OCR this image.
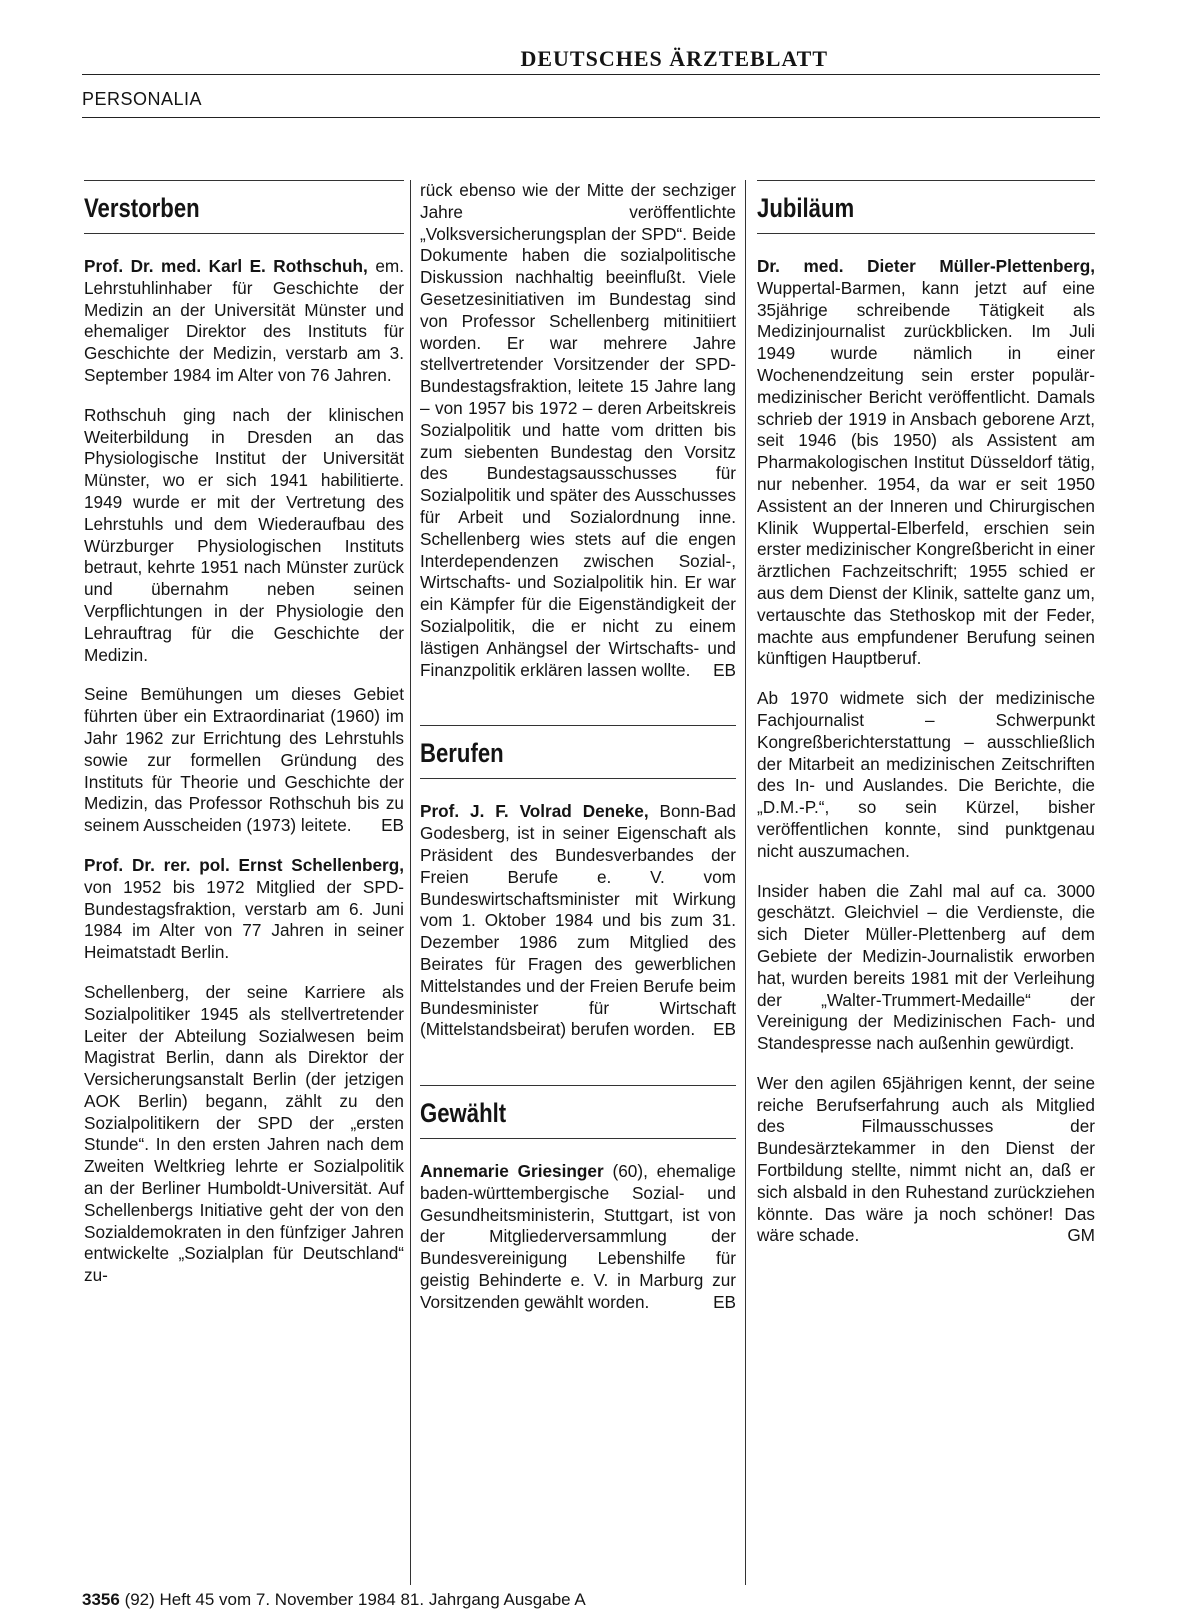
DEUTSCHES ÄRZTEBLATT
PERSONALIA
Verstorben

Prof. Dr. med. Karl E. Rothschuh, em. Lehrstuhlinhaber für Geschichte der Medizin an der Universität Münster und ehemaliger Direktor des Instituts für Geschichte der Medizin, verstarb am 3. September 1984 im Alter von 76 Jahren.

Rothschuh ging nach der klinischen Weiterbildung in Dresden an das Physiologische Institut der Universität Münster, wo er sich 1941 habilitierte. 1949 wurde er mit der Vertretung des Lehrstuhls und dem Wiederaufbau des Würzburger Physiologischen Instituts betraut, kehrte 1951 nach Münster zurück und übernahm neben seinen Verpflichtungen in der Physiologie den Lehrauftrag für die Geschichte der Medizin.

Seine Bemühungen um dieses Gebiet führten über ein Extraordinariat (1960) im Jahr 1962 zur Errichtung des Lehrstuhls sowie zur formellen Gründung des Instituts für Theorie und Geschichte der Medizin, das Professor Rothschuh bis zu seinem Ausscheiden (1973) leitete. EB

Prof. Dr. rer. pol. Ernst Schellenberg, von 1952 bis 1972 Mitglied der SPD-Bundestagsfraktion, verstarb am 6. Juni 1984 im Alter von 77 Jahren in seiner Heimatstadt Berlin.

Schellenberg, der seine Karriere als Sozialpolitiker 1945 als stellvertretender Leiter der Abteilung Sozialwesen beim Magistrat Berlin, dann als Direktor der Versicherungsanstalt Berlin (der jetzigen AOK Berlin) begann, zählt zu den Sozialpolitikern der SPD der „ersten Stunde“. In den ersten Jahren nach dem Zweiten Weltkrieg lehrte er Sozialpolitik an der Berliner Humboldt-Universität. Auf Schellenbergs Initiative geht der von den Sozialdemokraten in den fünfziger Jahren entwickelte „Sozialplan für Deutschland“ zu-

rück ebenso wie der Mitte der sechziger Jahre veröffentlichte „Volksversicherungsplan der SPD“. Beide Dokumente haben die sozialpolitische Diskussion nachhaltig beeinflußt. Viele Gesetzesinitiativen im Bundestag sind von Professor Schellenberg mitinitiiert worden. Er war mehrere Jahre stellvertretender Vorsitzender der SPD-Bundestagsfraktion, leitete 15 Jahre lang – von 1957 bis 1972 – deren Arbeitskreis Sozialpolitik und hatte vom dritten bis zum siebenten Bundestag den Vorsitz des Bundestagsausschusses für Sozialpolitik und später des Ausschusses für Arbeit und Sozialordnung inne. Schellenberg wies stets auf die engen Interdependenzen zwischen Sozial-, Wirtschafts- und Sozialpolitik hin. Er war ein Kämpfer für die Eigenständigkeit der Sozialpolitik, die er nicht zu einem lästigen Anhängsel der Wirtschafts- und Finanzpolitik erklären lassen wollte. EB

Berufen

Prof. J. F. Volrad Deneke, Bonn-Bad Godesberg, ist in seiner Eigenschaft als Präsident des Bundesverbandes der Freien Berufe e. V. vom Bundeswirtschaftsminister mit Wirkung vom 1. Oktober 1984 und bis zum 31. Dezember 1986 zum Mitglied des Beirates für Fragen des gewerblichen Mittelstandes und der Freien Berufe beim Bundesminister für Wirtschaft (Mittelstandsbeirat) berufen worden. EB

Gewählt

Annemarie Griesinger (60), ehemalige baden-württembergische Sozial- und Gesundheitsministerin, Stuttgart, ist von der Mitgliederversammlung der Bundesvereinigung Lebenshilfe für geistig Behinderte e. V. in Marburg zur Vorsitzenden gewählt worden.	EB

Jubiläum

Dr. med. Dieter Müller-Plettenberg, Wuppertal-Barmen, kann jetzt auf eine 35jährige schreibende Tätigkeit als Medizinjournalist zurückblicken. Im Juli 1949 wurde nämlich in einer Wochenendzeitung sein erster populär-medizinischer Bericht veröffentlicht. Damals schrieb der 1919 in Ansbach geborene Arzt, seit 1946 (bis 1950) als Assistent am Pharmakologischen Institut Düsseldorf tätig, nur nebenher. 1954, da war er seit 1950 Assistent an der Inneren und Chirurgischen Klinik Wuppertal-Elberfeld, erschien sein erster medizinischer Kongreßbericht in einer ärztlichen Fachzeitschrift; 1955 schied er aus dem Dienst der Klinik, sattelte ganz um, vertauschte das Stethoskop mit der Feder, machte aus empfundener Berufung seinen künftigen Hauptberuf.

Ab 1970 widmete sich der medizinische Fachjournalist – Schwerpunkt Kongreßberichterstattung – ausschließlich der Mitarbeit an medizinischen Zeitschriften des In- und Auslandes. Die Berichte, die „D.M.-P.“, so sein Kürzel, bisher veröffentlichen konnte, sind punktgenau nicht auszumachen.

Insider haben die Zahl mal auf ca. 3000 geschätzt. Gleichviel – die Verdienste, die sich Dieter Müller-Plettenberg auf dem Gebiete der Medizin-Journalistik erworben hat, wurden bereits 1981 mit der Verleihung der „Walter-Trummert-Medaille“ der Vereinigung der Medizinischen Fach- und Standespresse nach außenhin gewürdigt.

Wer den agilen 65jährigen kennt, der seine reiche Berufserfahrung auch als Mitglied des Filmausschusses der Bundesärztekammer in den Dienst der Fortbildung stellte, nimmt nicht an, daß er sich alsbald in den Ruhestand zurückziehen könnte. Das wäre ja noch schöner! Das wäre schade.	GM

3356 (92) Heft 45 vom 7. November 1984 81. Jahrgang Ausgabe A
